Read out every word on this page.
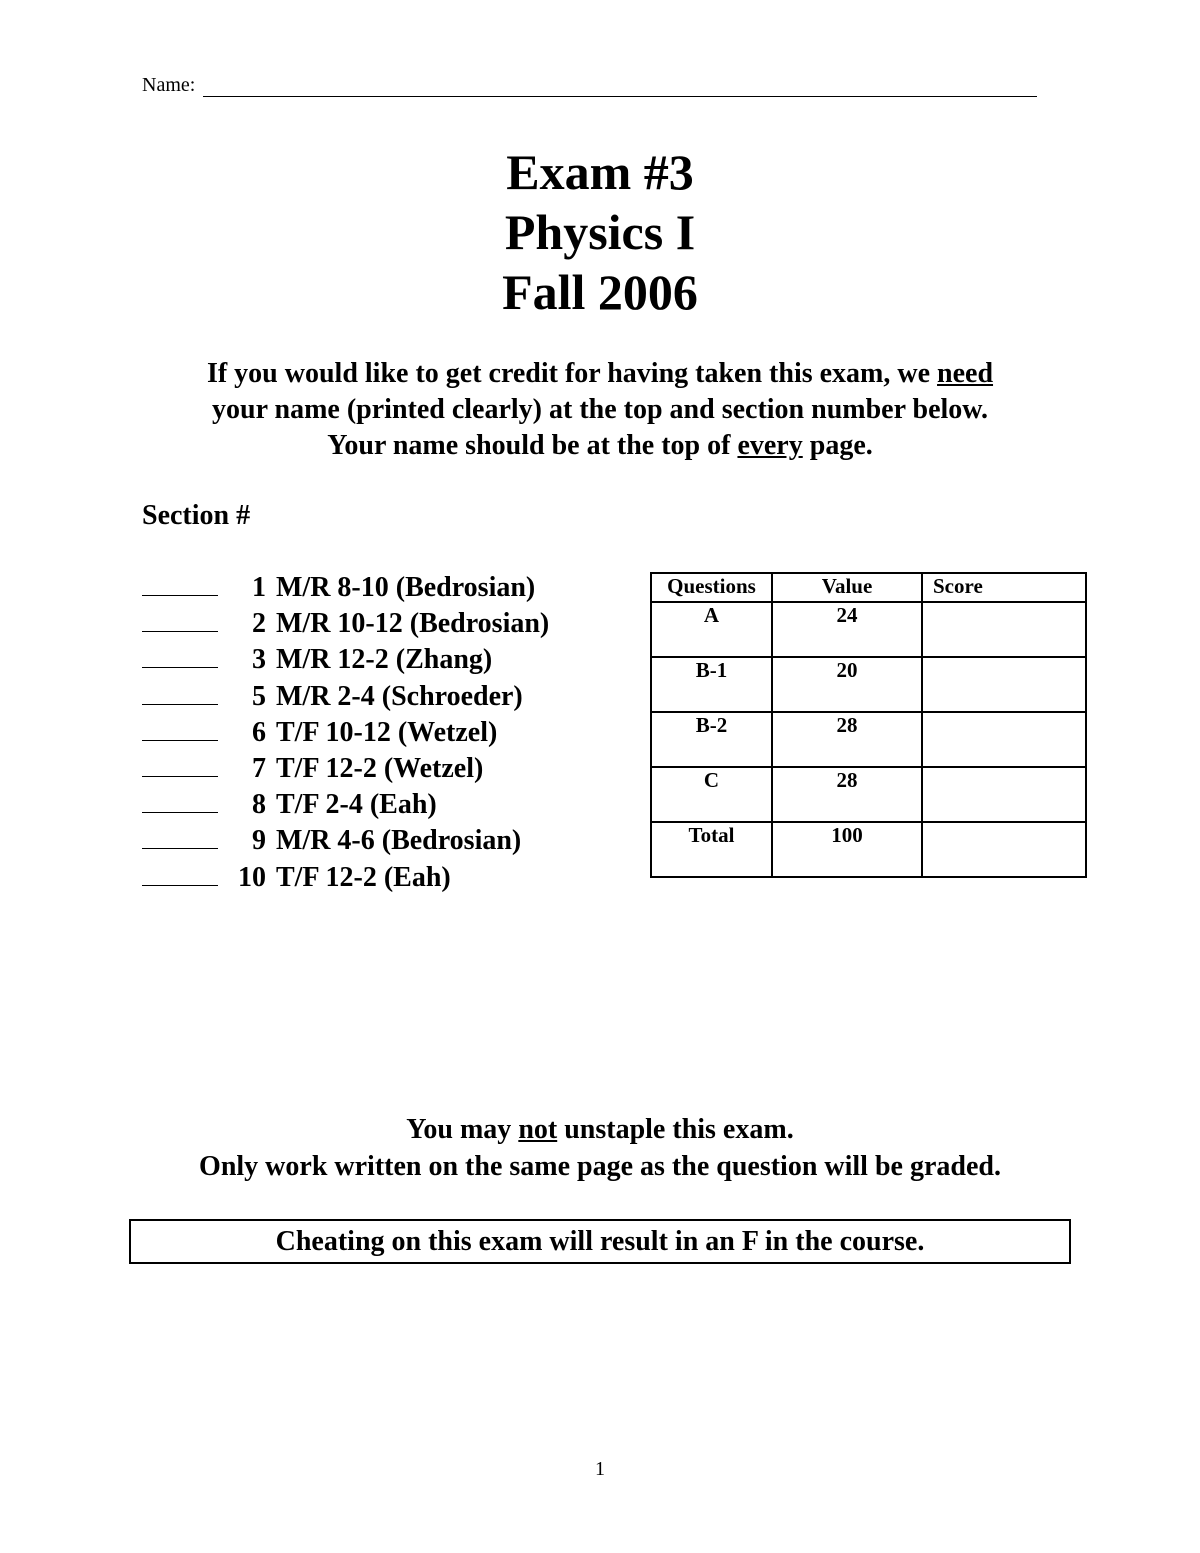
Name:
Exam #3
Physics I
Fall 2006
If you would like to get credit for having taken this exam, we need
your name (printed clearly) at the top and section number below.
Your name should be at the top of every page.
Section #
1 M/R 8-10 (Bedrosian)
2 M/R 10-12 (Bedrosian)
3 M/R 12-2 (Zhang)
5 M/R 2-4 (Schroeder)
6 T/F 10-12 (Wetzel)
7 T/F 12-2 (Wetzel)
8 T/F 2-4 (Eah)
9 M/R 4-6 (Bedrosian)
10 T/F 12-2 (Eah)
Questions	Value	Score
A	24	
B-1	20	
B-2	28	
C	28	
Total	100	
You may not unstaple this exam.
Only work written on the same page as the question will be graded.
Cheating on this exam will result in an F in the course.
1
